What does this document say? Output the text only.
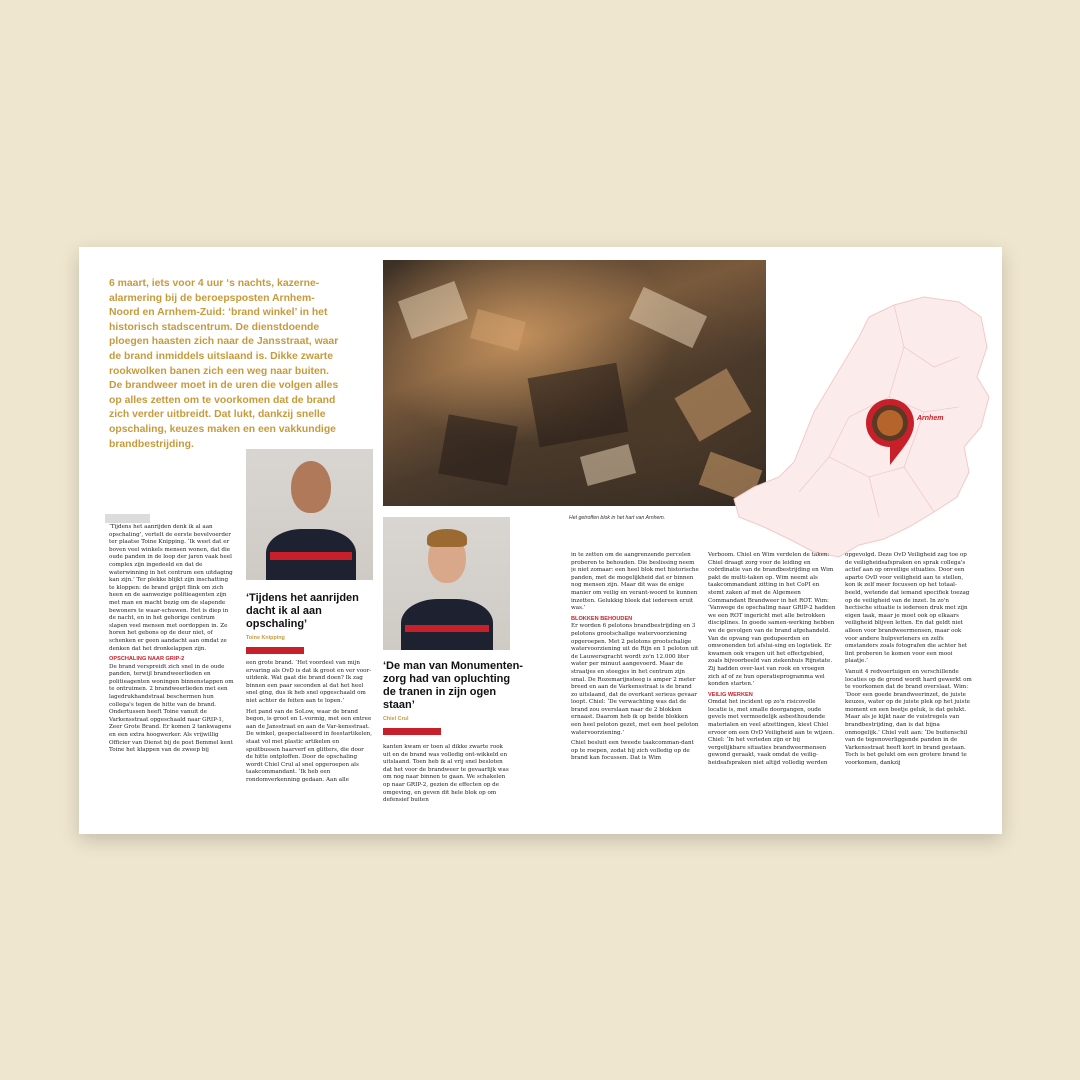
6 maart, iets voor 4 uur ‘s nachts, kazerne-alarmering bij de beroepsposten Arnhem-Noord en Arnhem-Zuid: ‘brand winkel’ in het historisch stadscentrum. De dienstdoende ploegen haasten zich naar de Jansstraat, waar de brand inmiddels uitslaand is. Dikke zwarte rookwolken banen zich een weg naar buiten. De brandweer moet in de uren die volgen alles op alles zetten om te voorkomen dat de brand zich verder uitbreidt. Dat lukt, dankzij snelle opschaling, keuzes maken en een vakkundige brandbestrijding.
Het getroffen blok in het hart van Arnhem.
Arnhem
‘Tijdens het aanrijden dacht ik al aan opschaling’
Toine Knipping
‘De man van Monumenten-zorg had van opluchting de tranen in zijn ogen staan’
Chiel Crul

‘Tijdens het aanrijden denk ik al aan opschaling’, vertelt de eerste bevelvoerder ter plaatse Toine Knipping. ‘Ik weet dat er boven veel winkels mensen wonen, dat die oude panden in de loop der jaren vaak heel complex zijn ingedeeld en dat de waterwinning in het centrum een uitdaging kan zijn.’ Ter plekke blijkt zijn inschatting te kloppen: de brand grijpt flink om zich heen en de aanwezige politieagenten zijn met man en macht bezig om de slapende bewoners te waar-schuwen. Het is diep in de nacht, en in het gehorige centrum slapen veel mensen met oordoppen in. Ze horen het gebons op de deur niet, of schenken er geen aandacht aan omdat ze denken dat het dronkelappen zijn.

OPSCHALING NAAR GRIP-2

De brand verspreidt zich snel in de oude panden, terwijl brandweerlieden en politieagenten woningen binnenstappen om te ontruimen. 2 brandweerlieden met een lagedrukhandstraal beschermen hun collega's tegen de hitte van de brand. Ondertussen heeft Toine vanuit de Varkensstraat opgeschaald naar GRIP-1, Zeer Grote Brand. Er komen 2 tankwagens en een extra hoogwerker. Als vrijwillig Officier van Dienst bij de post Bemmel kent Toine het klappen van de zweep bij

een grote brand. ‘Het voordeel van mijn ervaring als OvD is dat ik groot en ver voor-uitdenk. Wat gaat die brand doen? Ik zag binnen een paar seconden al dat het heel snel ging, dus ik heb snel opgeschaald om niet achter de feiten aan te lopen.’

Het pand van de SoLow, waar de brand begon, is groot en L-vormig, met een entree aan de Jansstraat en aan de Var-kensstraat. De winkel, gespecialiseerd in feestartikelen, staat vol met plastic artikelen en spuitbussen haarverf en glitters, die door de hitte ontploffen. Door de opschaling wordt Chiel Crul al snel opgeroepen als taakcommandant. ‘Ik heb een rondomverkenning gedaan. Aan alle

kanten kwam er toen al dikke zwarte rook uit en de brand was volledig ont-wikkeld en uitslaand. Toen heb ik al vrij snel besloten dat het voor de brandweer te gevaarlijk was om nog naar binnen te gaan. We schakelen op naar GRIP-2, gezien de effecten op de omgeving, en geven dit hele blok op om defensief buiten

in te zetten om de aangrenzende percelen proberen te behouden. Die beslissing neem je niet zomaar: een heel blok met historische panden, met de mogelijkheid dat er binnen nog mensen zijn. Maar dit was de enige manier om veilig en verant-woord te kunnen inzetten. Gelukkig bleek dat iedereen eruit was.’

BLOKKEN BEHOUDEN

Er worden 6 pelotons brandbestrijding en 3 pelotons grootschalige watervoorziening opgeroepen. Met 2 pelotons grootschalige watervoorziening uit de Rijn en 1 peloton uit de Lauwersgracht wordt zo'n 12.000 liter water per minuut aangevoerd. Maar de straatjes en steegjes in het centrum zijn smal. De Rozemarijnsteeg is amper 2 meter breed en aan de Varkensstraat is de brand zo uitslaand, dat de overkant serieus gevaar loopt. Chiel: ‘De verwachting was dat de brand zou overslaan naar de 2 blokken ernaast. Daarom heb ik op beide blokken een heel peloton gezet, met een heel peloton watervoorziening.’

Chiel besluit een tweede taakcomman-dant op te roepen, zodat hij zich volledig op de brand kan focussen. Dat is Wim

Verboom. Chiel en Wim verdelen de taken: Chiel draagt zorg voor de leiding en coördinatie van de brandbestrijding en Wim pakt de multi-taken op. Wim neemt als taakcommandant zitting in het CoPI en stemt zaken af met de Algemeen Commandant Brandweer in het ROT. Wim: ‘Vanwege de opschaling naar GRIP-2 hadden we een ROT ingericht met alle betrokken disciplines. In goede samen-werking hebben we de gevolgen van de brand afgehandeld. Van de opvang van gedupeerden en omwonenden tot afslui-sing en logistiek. Er kwamen ook vragen uit het effectgebied, zoals bijvoorbeeld van ziekenhuis Rijnstate. Zij hadden over-last van rook en vroegen zich af of ze hun operatieprogramma wel konden starten.’

VEILIG WERKEN

Omdat het incident op zo'n risicovolle locatie is, met smalle doorgangen, oude gevels met vermoedelijk asbesthoudende materialen en veel afzettingen, kiest Chiel ervoor om een OvD Veiligheid aan te wijzen. Chiel: ‘In het verleden zijn er bij vergelijkbare situaties brandweermensen gewond geraakt, vaak omdat de veilig-heidsafspraken niet altijd volledig werden

opgevolgd. Deze OvD Veiligheid zag toe op de veiligheidsafspraken en sprak collega's actief aan op onveilige situaties. Door een aparte OvD voor veiligheid aan te stellen, kon ik zelf meer focussen op het totaal-beeld, wetende dat iemand specifiek toezag op de veiligheid van de inzet. In zo'n hectische situatie is iedereen druk met zijn eigen taak, maar je moet ook op elkaars veiligheid blijven letten. En dat geldt niet alleen voor brandweermensen, maar ook voor andere hulpverleners en zelfs omstanders zoals fotografen die achter het lint proberen te komen voor een mooi plaatje.’

Vanuit 4 redvoertuigen en verschillende locaties op de grond wordt hard gewerkt om te voorkomen dat de brand overslaat. Wim: ‘Door een goede brandweerinzet, de juiste keuzes, water op de juiste plek op het juiste moment en een beetje geluk, is dat gelukt. Maar als je kijkt naar de vuistregels van brandbestrijding, dan is dat bijna onmogelijk.’ Chiel vult aan: ‘De buitenschil van de tegenoverliggende panden in de Varkensstraat heeft kort in brand gestaan. Toch is het gelukt om een grotere brand te voorkomen, dankzij
